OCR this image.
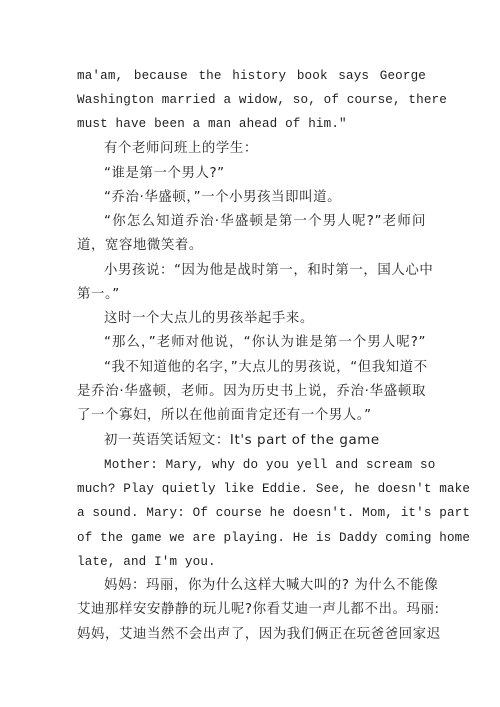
ma'am, because the history book says George

Washington married a widow, so, of course, there

must have been a man ahead of him."

有个老师问班上的学生：

“谁是第一个男人?”

“乔治·华盛顿，”一个小男孩当即叫道。

“你怎么知道乔治·华盛顿是第一个男人呢?”老师问

道，宽容地微笑着。

小男孩说：“因为他是战时第一，和时第一，国人心中

第一。”

这时一个大点儿的男孩举起手来。

“那么，”老师对他说，“你认为谁是第一个男人呢?”

“我不知道他的名字，”大点儿的男孩说，“但我知道不

是乔治·华盛顿，老师。因为历史书上说，乔治·华盛顿取

了一个寡妇，所以在他前面肯定还有一个男人。”

初一英语笑话短文：It's part of the game

Mother: Mary, why do you yell and scream so

much? Play quietly like Eddie. See, he doesn't make

a sound. Mary: Of course he doesn't. Mom, it's part

of the game we are playing. He is Daddy coming home

late, and I'm you.

妈妈：玛丽，你为什么这样大喊大叫的? 为什么不能像

艾迪那样安安静静的玩儿呢?你看艾迪一声儿都不出。玛丽:

妈妈，艾迪当然不会出声了，因为我们俩正在玩爸爸回家迟
